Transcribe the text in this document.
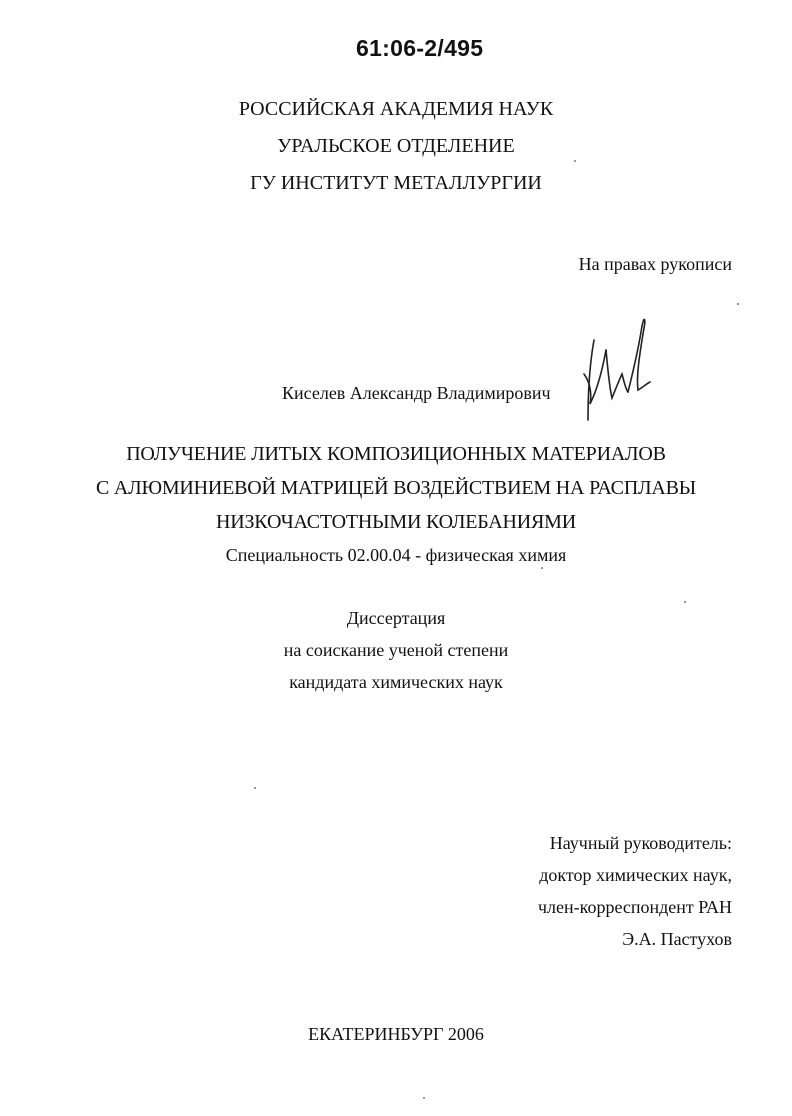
61:06-2/495
РОССИЙСКАЯ АКАДЕМИЯ НАУК
УРАЛЬСКОЕ ОТДЕЛЕНИЕ
ГУ ИНСТИТУТ МЕТАЛЛУРГИИ
На правах рукописи
Киселев Александр Владимирович
ПОЛУЧЕНИЕ ЛИТЫХ КОМПОЗИЦИОННЫХ МАТЕРИАЛОВ
С АЛЮМИНИЕВОЙ МАТРИЦЕЙ ВОЗДЕЙСТВИЕМ НА РАСПЛАВЫ
НИЗКОЧАСТОТНЫМИ КОЛЕБАНИЯМИ
Специальность 02.00.04 - физическая химия
Диссертация
на соискание ученой степени
кандидата химических наук
Научный руководитель:
доктор химических наук,
член-корреспондент РАН
Э.А. Пастухов
ЕКАТЕРИНБУРГ 2006
